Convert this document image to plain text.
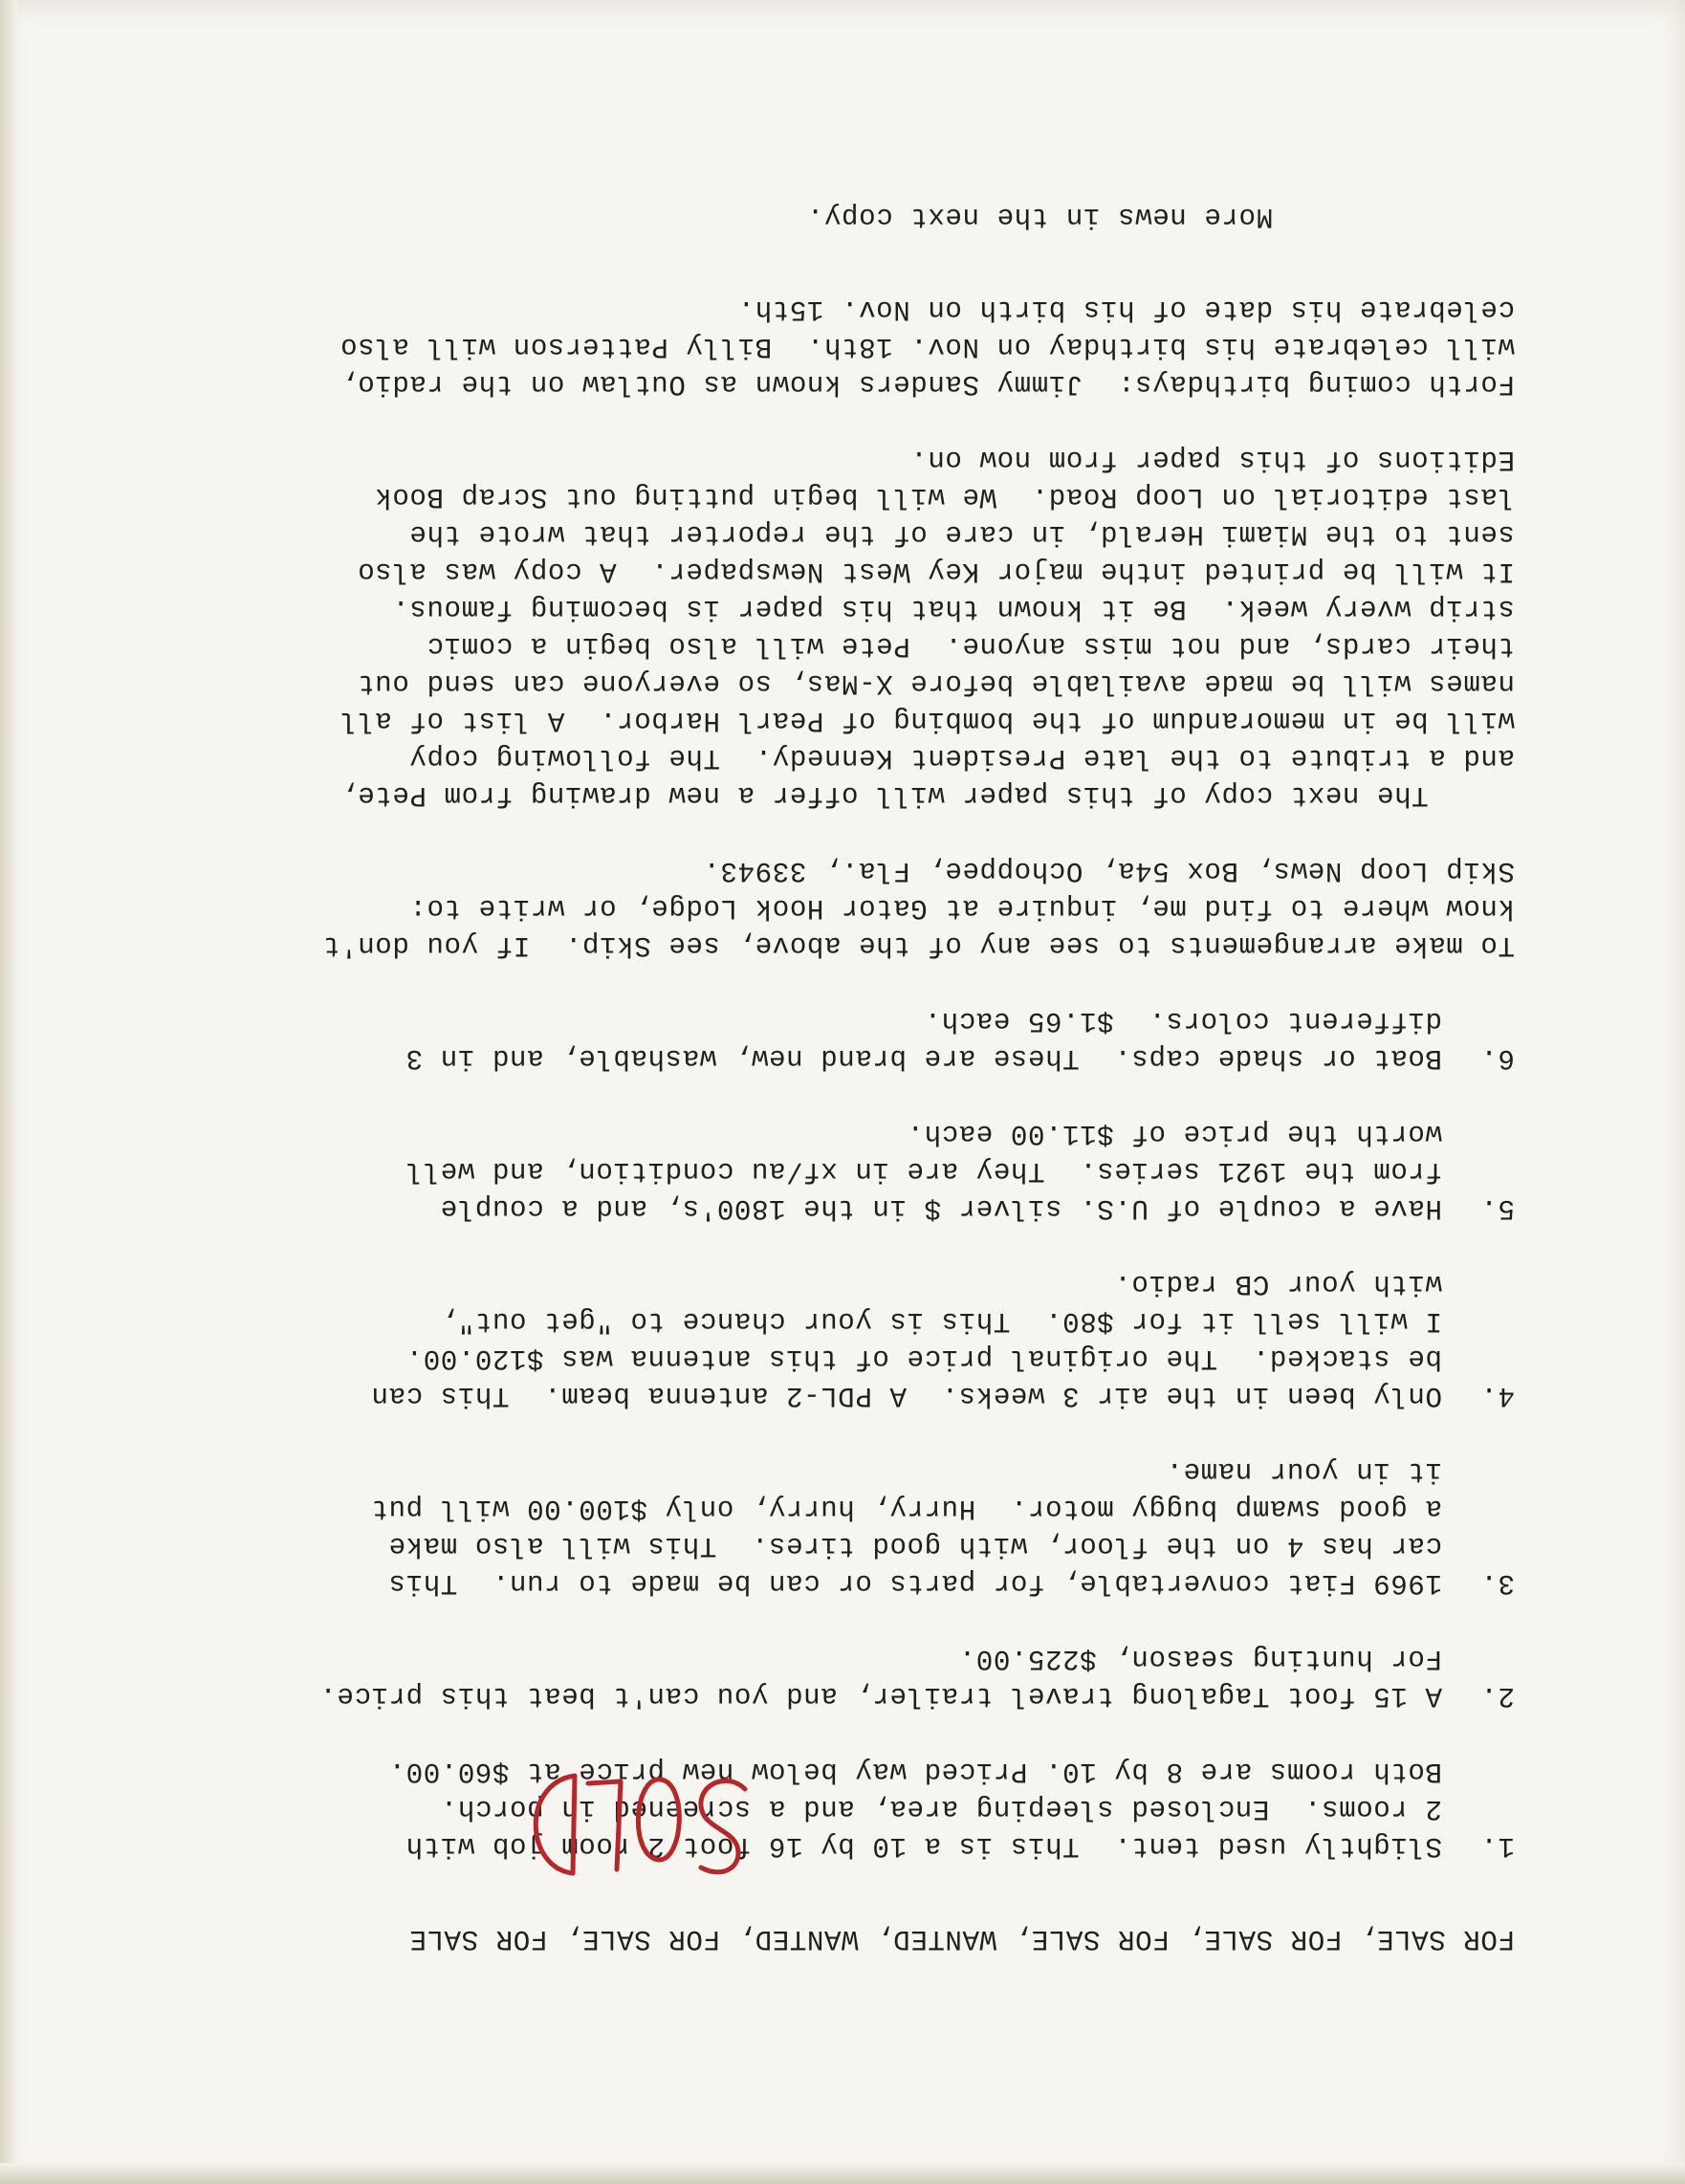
FOR SALE, FOR SALE, FOR SALE, WANTED, WANTED, FOR SALE, FOR SALE
1.
Slightly used tent.  This is a 10 by 16 foot 2 room job with
2 rooms.  Enclosed sleeping area, and a screened in porch.
Both rooms are 8 by 10. Priced way below new price at $60.00.
2.
A 15 foot Tagalong travel trailer, and you can't beat this price.
For hunting season, $225.00.
3.
1969 Fiat convertable, for parts or can be made to run.  This
car has 4 on the floor, with good tires.  This will also make
a good swamp buggy motor.  Hurry, hurry, only $100.00 will put
it in your name.
4.
Only been in the air 3 weeks.  A PDL-2 antenna beam.  This can
be stacked.  The original price of this antenna was $120.00.
I will sell it for $80.  This is your chance to "get out",
with your CB radio.
5.
Have a couple of U.S. silver $ in the 1800's, and a couple
from the 1921 series.  They are in xf/au condition, and well
worth the price of $11.00 each.
6.
Boat or shade caps.  These are brand new, washable, and in 3
different colors.  $1.65 each.
To make arrangements to see any of the above, see Skip.  If you don't
know where to find me, inquire at Gator Hook Lodge, or write to:
Skip Loop News, Box 54a, Ochoppee, Fla., 33943.
The next copy of this paper will offer a new drawing from Pete,
and a tribute to the late President Kennedy.  The following copy
will be in memorandum of the bombing of Pearl Harbor.  A list of all
names will be made available before X-Mas, so everyone can send out
their cards, and not miss anyone.  Pete will also begin a comic
strip wvery week.  Be it known that his paper is becoming famous.
It will be printed inthe major Key West Newspaper.  A copy was also
sent to the Miami Herald, in care of the reporter that wrote the
last editorial on Loop Road.  We will begin putting out Scrap Book
Editions of this paper from now on.
Forth coming birthdays:  Jimmy Sanders known as Outlaw on the radio,
will celebrate his birthday on Nov. 18th.  Billy Patterson will also
celebrate his date of his birth on Nov. 15th.
More news in the next copy.
